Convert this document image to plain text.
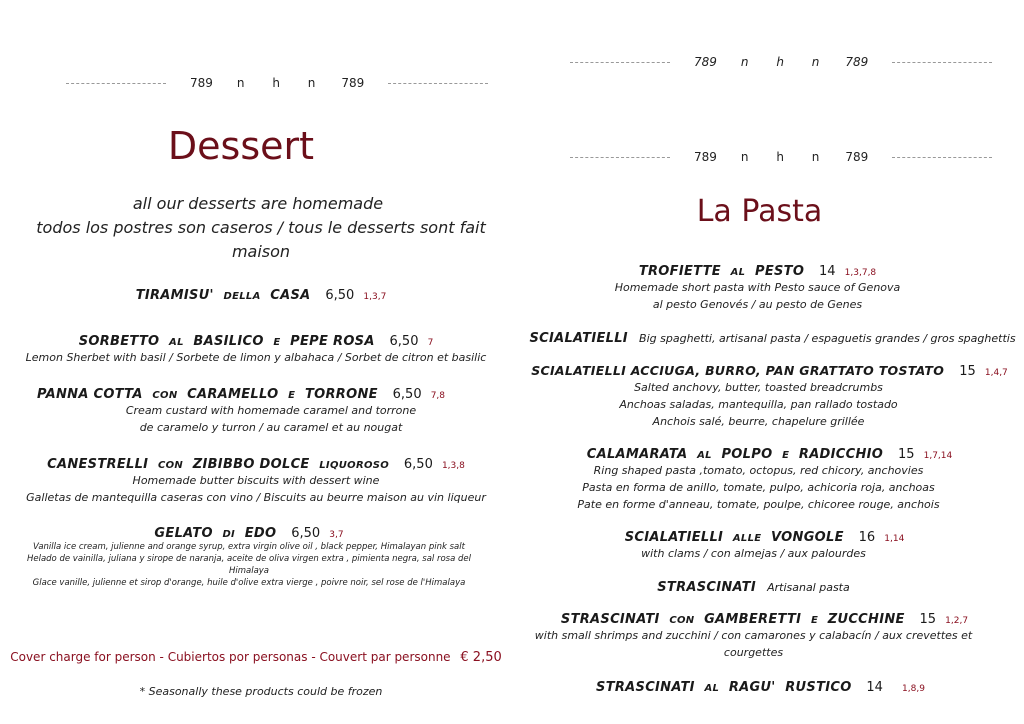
789 n h n 789
Dessert
all our desserts are homemade
todos los postres son caseros / tous le desserts sont fait maison
TIRAMISU' DELLA CASA 6,50 1,3,7
SORBETTO AL BASILICO E PEPE ROSA 6,50 7
Lemon Sherbet with basil / Sorbete de limon y albahaca / Sorbet de citron et basilic
PANNA COTTA CON CARAMELLO E TORRONE 6,50 7,8
Cream custard with homemade caramel and torrone
de caramelo y turron / au caramel et au nougat
CANESTRELLI CON ZIBIBBO DOLCE LIQUOROSO 6,50 1,3,8
Homemade butter biscuits with dessert wine
Galletas de mantequilla caseras con vino / Biscuits au beurre maison au vin liqueur
GELATO DI EDO 6,50 3,7
Vanilla ice cream, julienne and orange syrup, extra virgin olive oil , black pepper, Himalayan pink salt
Helado de vainilla, juliana y sirope de naranja, aceite de oliva virgen extra , pimienta negra, sal rosa del
Himalaya
Glace vanille, julienne et sirop d'orange, huile d'olive extra vierge , poivre noir, sel rose de l'Himalaya
Cover charge for person - Cubiertos por personas - Couvert par personne € 2,50
* Seasonally these products could be frozen
789 n h n 789
789 n h n 789
La Pasta
TROFIETTE AL PESTO 14 1,3,7,8
Homemade short pasta with Pesto sauce of Genova
al pesto Genovés / au pesto de Genes
SCIALATIELLI Big spaghetti, artisanal pasta / espaguetis grandes / gros spaghettis
SCIALATIELLI ACCIUGA, BURRO, PAN GRATTATO TOSTATO 15 1,4,7
Salted anchovy, butter, toasted breadcrumbs
Anchoas saladas, mantequilla, pan rallado tostado
Anchois salé, beurre, chapelure grillée
CALAMARATA AL POLPO E RADICCHIO 15 1,7,14
Ring shaped pasta ,tomato, octopus, red chicory, anchovies
Pasta en forma de anillo, tomate, pulpo, achicoria roja, anchoas
Pate en forme d'anneau, tomate, poulpe, chicoree rouge, anchois
SCIALATIELLI ALLE VONGOLE 16 1,14
with clams / con almejas / aux palourdes
STRASCINATI Artisanal pasta
STRASCINATI CON GAMBERETTI E ZUCCHINE 15 1,2,7
with small shrimps and zucchini / con camarones y calabacín / aux crevettes et
courgettes
STRASCINATI AL RAGU' RUSTICO 14 1,8,9
